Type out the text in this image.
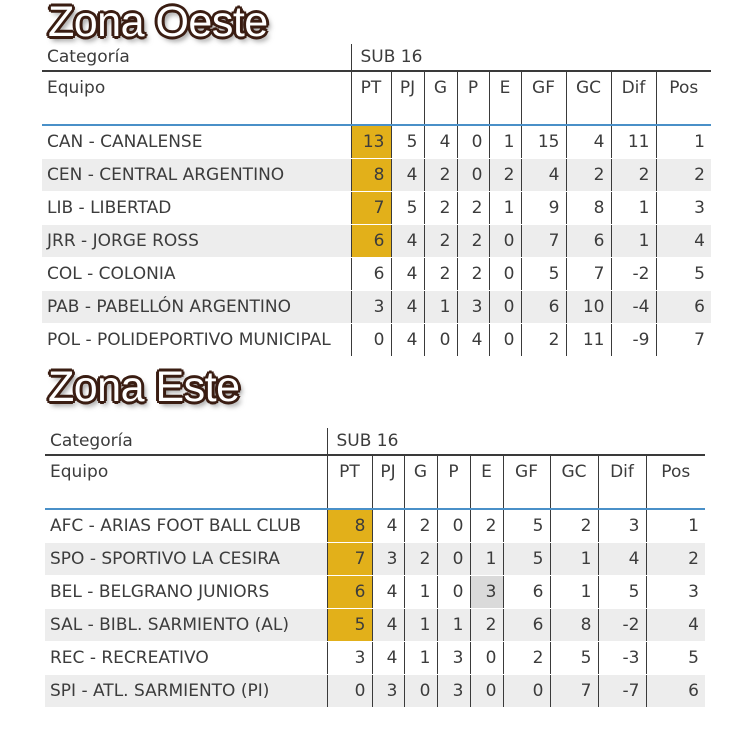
Zona Oeste
Categoría	SUB 16								
Equipo	PT	PJ	G	P	E	GF	GC	Dif	Pos
CAN - CANALENSE	13	5	4	0	1	15	4	11	1
CEN - CENTRAL ARGENTINO	8	4	2	0	2	4	2	2	2
LIB - LIBERTAD	7	5	2	2	1	9	8	1	3
JRR - JORGE ROSS	6	4	2	2	0	7	6	1	4
COL - COLONIA	6	4	2	2	0	5	7	-2	5
PAB - PABELLÓN ARGENTINO	3	4	1	3	0	6	10	-4	6
POL - POLIDEPORTIVO MUNICIPAL	0	4	0	4	0	2	11	-9	7
Zona Este
Categoría	SUB 16								
Equipo	PT	PJ	G	P	E	GF	GC	Dif	Pos
AFC - ARIAS FOOT BALL CLUB	8	4	2	0	2	5	2	3	1
SPO - SPORTIVO LA CESIRA	7	3	2	0	1	5	1	4	2
BEL - BELGRANO JUNIORS	6	4	1	0	3	6	1	5	3
SAL - BIBL. SARMIENTO (AL)	5	4	1	1	2	6	8	-2	4
REC - RECREATIVO	3	4	1	3	0	2	5	-3	5
SPI - ATL. SARMIENTO (PI)	0	3	0	3	0	0	7	-7	6
